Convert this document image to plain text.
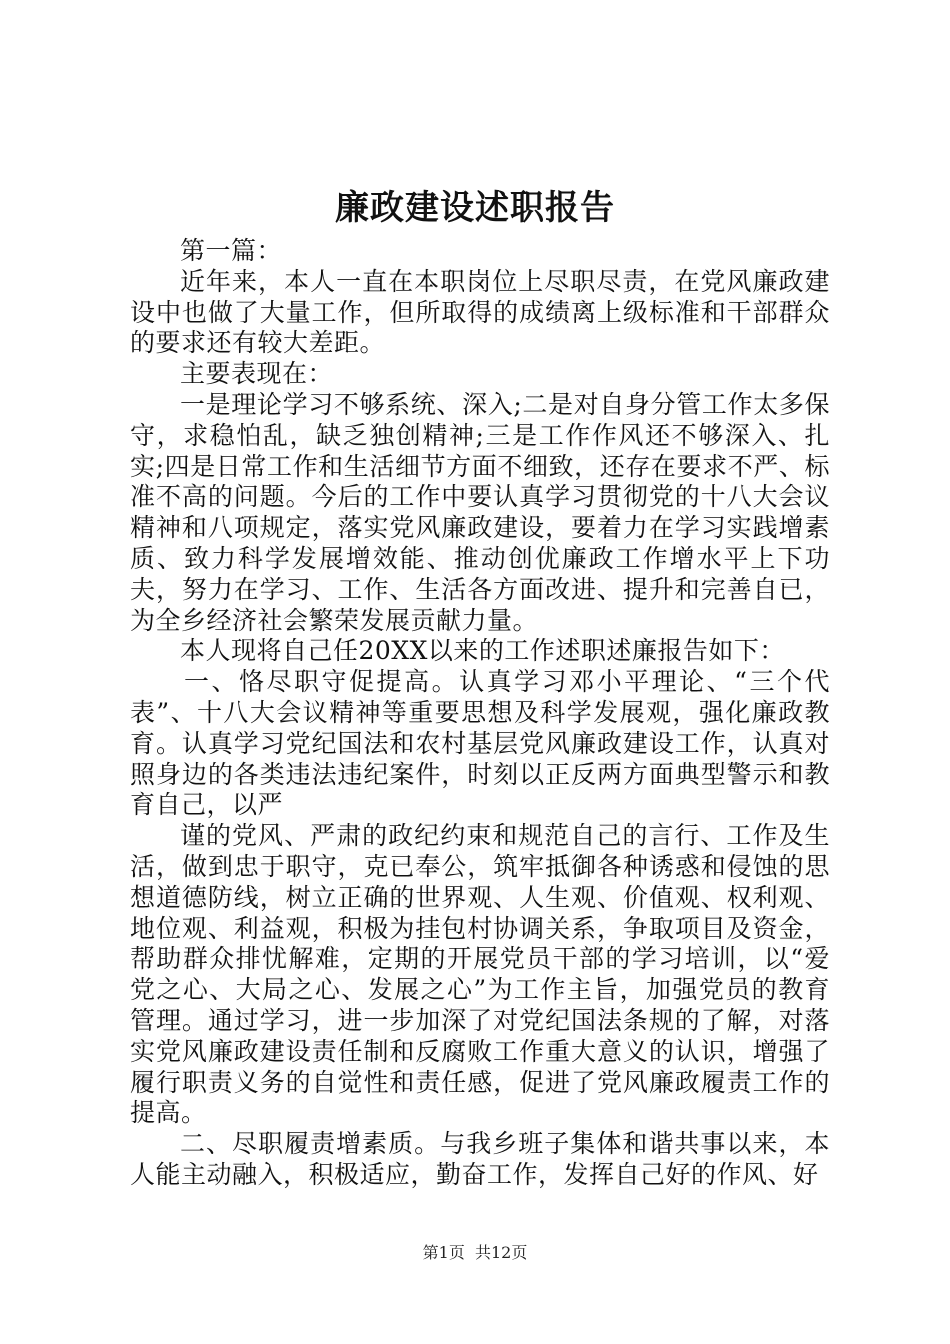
廉政建设述职报告

第一篇：

近年来，本人一直在本职岗位上尽职尽责，在党风廉政建设中也做了大量工作，但所取得的成绩离上级标准和干部群众的要求还有较大差距。

主要表现在：

一是理论学习不够系统、深入;二是对自身分管工作太多保守，求稳怕乱，缺乏独创精神;三是工作作风还不够深入、扎实;四是日常工作和生活细节方面不细致，还存在要求不严、标准不高的问题。今后的工作中要认真学习贯彻党的十八大会议精神和八项规定，落实党风廉政建设，要着力在学习实践增素质、致力科学发展增效能、推动创优廉政工作增水平上下功夫，努力在学习、工作、生活各方面改进、提升和完善自已，为全乡经济社会繁荣发展贡献力量。

本人现将自己任20XX以来的工作述职述廉报告如下：

一、恪尽职守促提高。认真学习邓小平理论、“三个代表”、十八大会议精神等重要思想及科学发展观，强化廉政教育。认真学习党纪国法和农村基层党风廉政建设工作，认真对照身边的各类违法违纪案件，时刻以正反两方面典型警示和教育自己，以严

谨的党风、严肃的政纪约束和规范自己的言行、工作及生活，做到忠于职守，克已奉公，筑牢抵御各种诱惑和侵蚀的思想道德防线，树立正确的世界观、人生观、价值观、权利观、地位观、利益观，积极为挂包村协调关系，争取项目及资金，帮助群众排忧解难，定期的开展党员干部的学习培训，以“爱党之心、大局之心、发展之心”为工作主旨，加强党员的教育管理。通过学习，进一步加深了对党纪国法条规的了解，对落实党风廉政建设责任制和反腐败工作重大意义的认识，增强了履行职责义务的自觉性和责任感，促进了党风廉政履责工作的提高。

二、尽职履责增素质。与我乡班子集体和谐共事以来，本人能主动融入，积极适应，勤奋工作，发挥自己好的作风、好

第1页  共12页
